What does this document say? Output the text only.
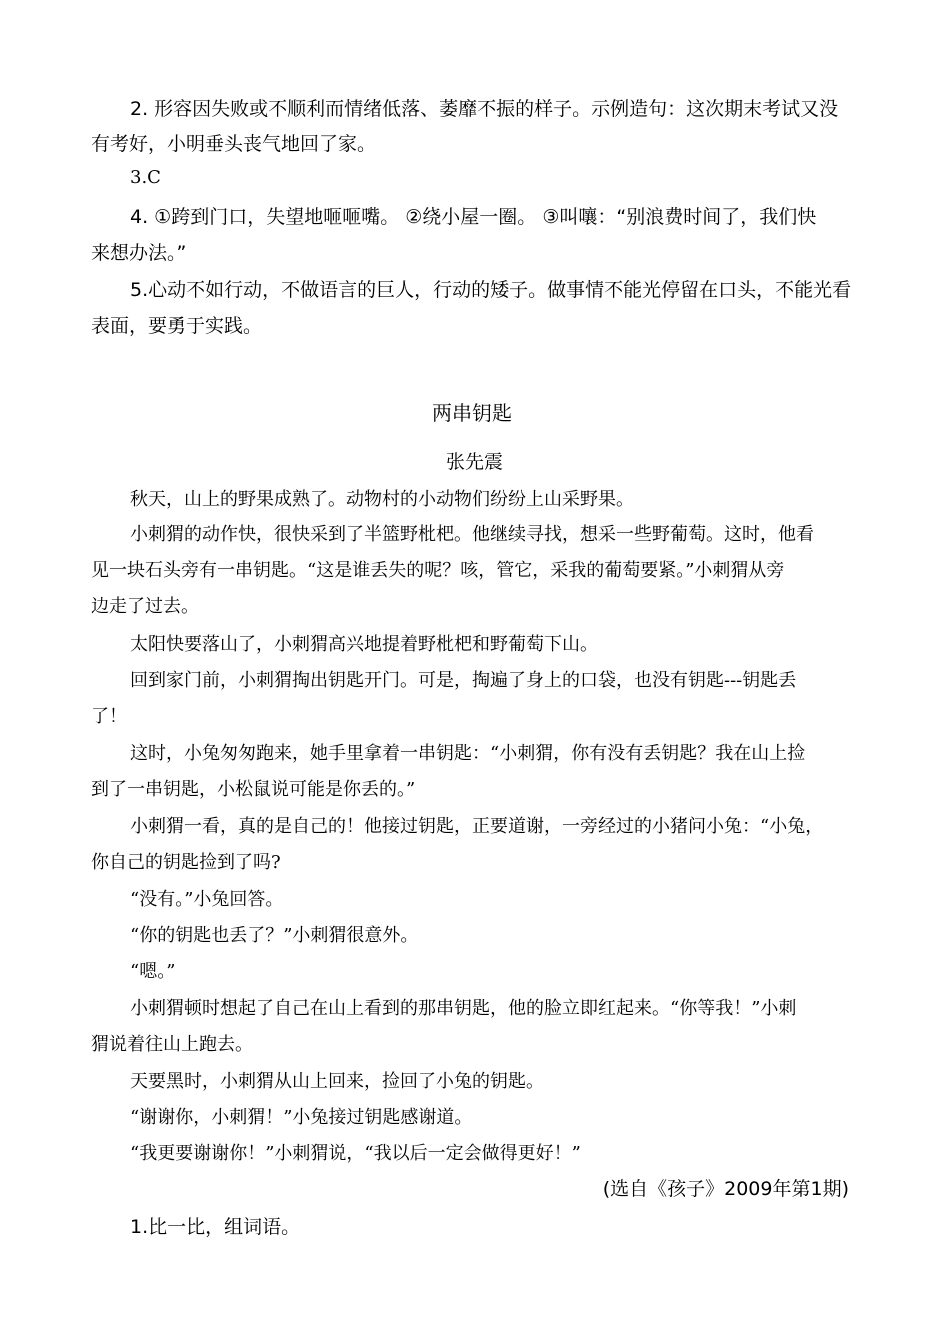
2. 形容因失败或不顺利而情绪低落、萎靡不振的样子。示例造句：这次期末考试又没
有考好，小明垂头丧气地回了家。
3.C
4. ①跨到门口，失望地咂咂嘴。 ②绕小屋一圈。 ③叫嚷：“别浪费时间了，我们快
来想办法。”
5.心动不如行动，不做语言的巨人，行动的矮子。做事情不能光停留在口头，不能光看
表面，要勇于实践。
两串钥匙
张先震
秋天，山上的野果成熟了。动物村的小动物们纷纷上山采野果。
小刺猬的动作快，很快采到了半篮野枇杷。他继续寻找，想采一些野葡萄。这时，他看
见一块石头旁有一串钥匙。“这是谁丢失的呢？咳，管它，采我的葡萄要紧。”小刺猬从旁
边走了过去。
太阳快要落山了，小刺猬高兴地提着野枇杷和野葡萄下山。
回到家门前，小刺猬掏出钥匙开门。可是，掏遍了身上的口袋，也没有钥匙---钥匙丢
了！
这时，小兔匆匆跑来，她手里拿着一串钥匙：“小刺猬，你有没有丢钥匙？我在山上捡
到了一串钥匙，小松鼠说可能是你丢的。”
小刺猬一看，真的是自己的！他接过钥匙，正要道谢，一旁经过的小猪问小兔：“小兔，
你自己的钥匙捡到了吗?
“没有。”小兔回答。
“你的钥匙也丢了？”小刺猬很意外。
“嗯。”
小刺猬顿时想起了自己在山上看到的那串钥匙，他的脸立即红起来。“你等我！”小刺
猬说着往山上跑去。
天要黑时，小刺猬从山上回来，捡回了小兔的钥匙。
“谢谢你，小刺猬！”小兔接过钥匙感谢道。
“我更要谢谢你！”小刺猬说，“我以后一定会做得更好！”
(选自《孩子》2009年第1期)
1.比一比，组词语。
